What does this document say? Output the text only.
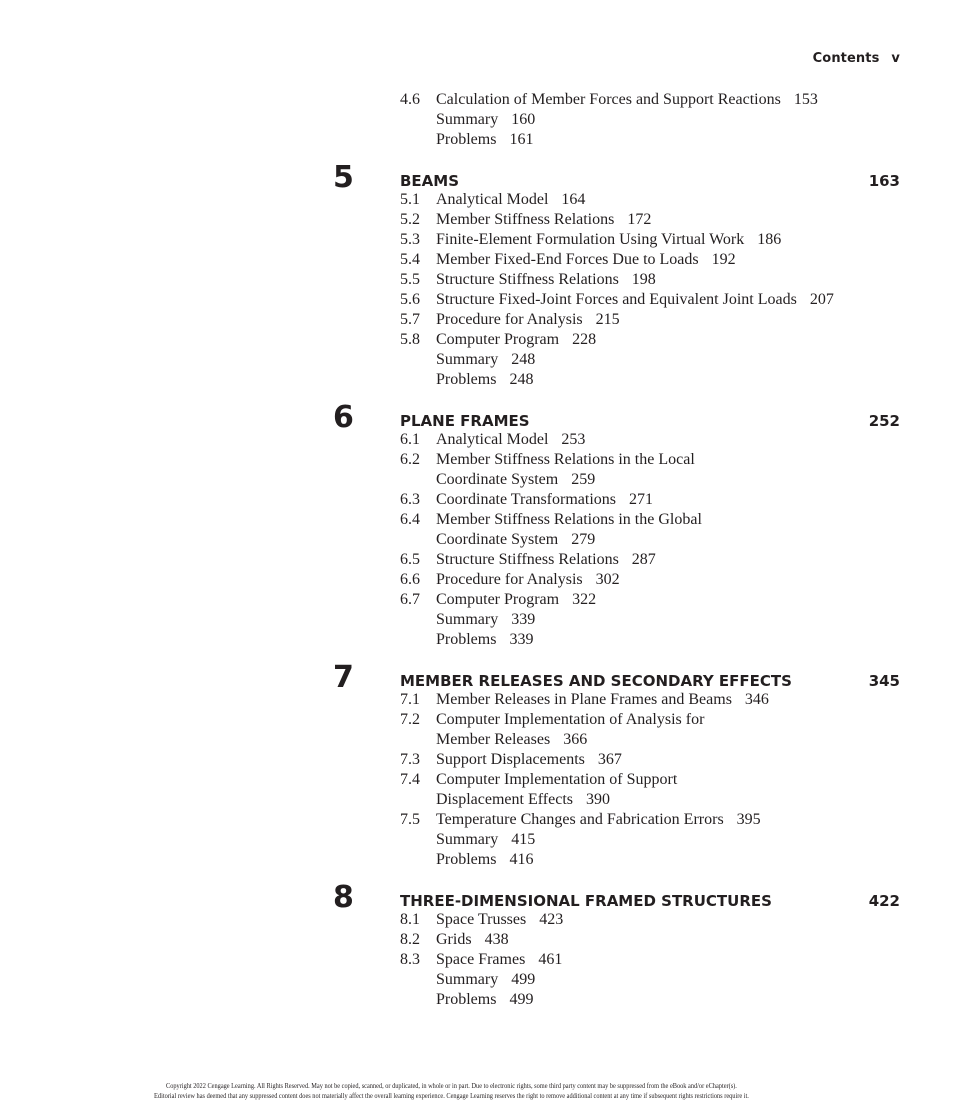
Contents v
4.6 Calculation of Member Forces and Support Reactions 153
Summary 160
Problems 161
5	BEAMS	163
5.1 Analytical Model 164
5.2 Member Stiffness Relations 172
5.3 Finite-Element Formulation Using Virtual Work 186
5.4 Member Fixed-End Forces Due to Loads 192
5.5 Structure Stiffness Relations 198
5.6 Structure Fixed-Joint Forces and Equivalent Joint Loads 207
5.7 Procedure for Analysis 215
5.8 Computer Program 228
Summary 248
Problems 248
6	PLANE FRAMES	252
6.1 Analytical Model 253
6.2 Member Stiffness Relations in the Local
Coordinate System 259
6.3 Coordinate Transformations 271
6.4 Member Stiffness Relations in the Global
Coordinate System 279
6.5 Structure Stiffness Relations 287
6.6 Procedure for Analysis 302
6.7 Computer Program 322
Summary 339
Problems 339
7	MEMBER RELEASES AND SECONDARY EFFECTS	345
7.1 Member Releases in Plane Frames and Beams 346
7.2 Computer Implementation of Analysis for
Member Releases 366
7.3 Support Displacements 367
7.4 Computer Implementation of Support
Displacement Effects 390
7.5 Temperature Changes and Fabrication Errors 395
Summary 415
Problems 416
8	THREE-DIMENSIONAL FRAMED STRUCTURES	422
8.1 Space Trusses 423
8.2 Grids 438
8.3 Space Frames 461
Summary 499
Problems 499
Copyright 2022 Cengage Learning. All Rights Reserved. May not be copied, scanned, or duplicated, in whole or in part. Due to electronic rights, some third party content may be suppressed from the eBook and/or eChapter(s).
Editorial review has deemed that any suppressed content does not materially affect the overall learning experience. Cengage Learning reserves the right to remove additional content at any time if subsequent rights restrictions require it.
